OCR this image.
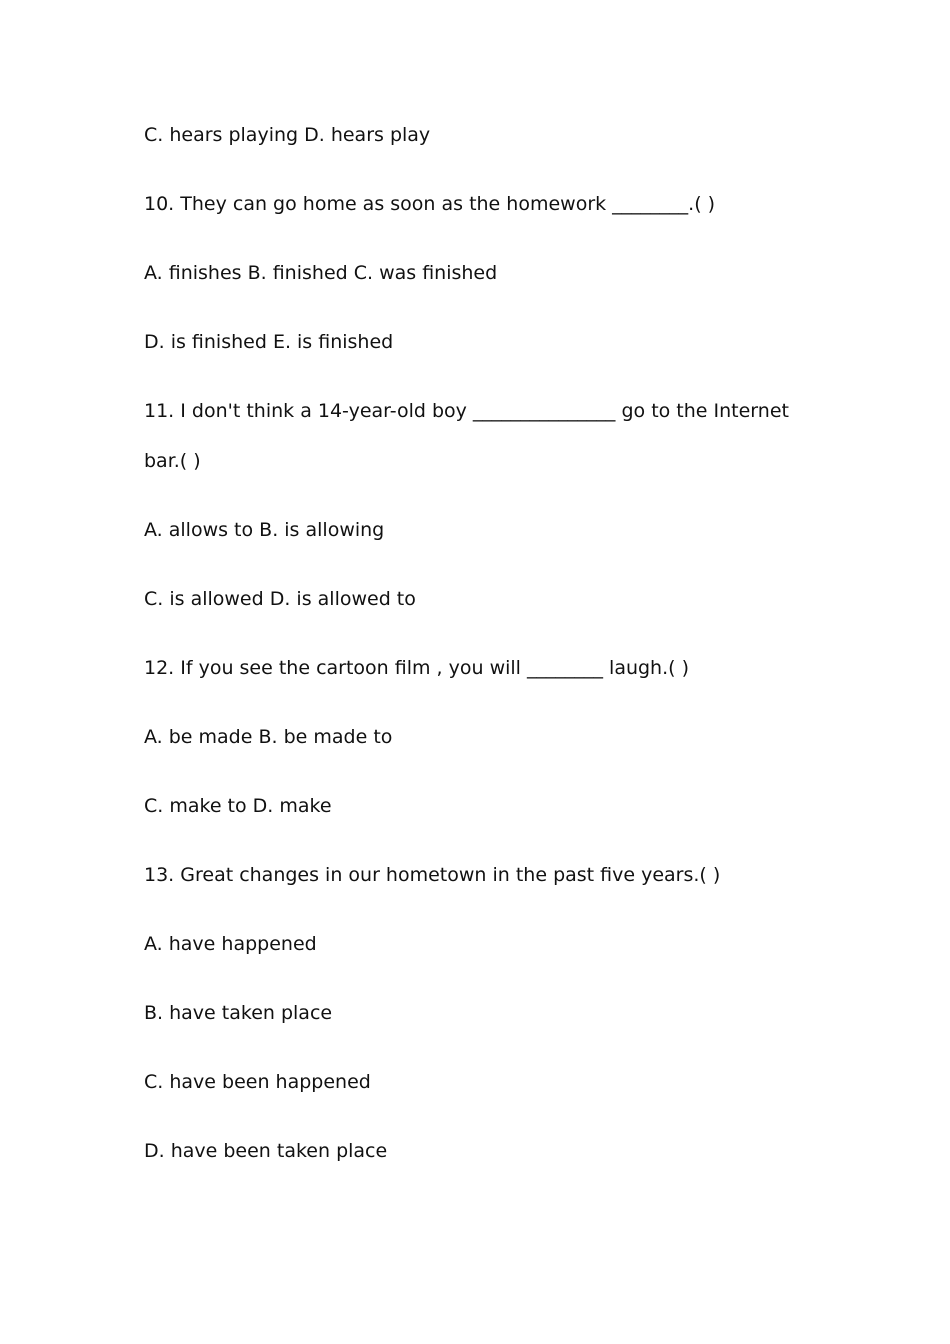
C. hears playing D. hears play
10. They can go home as soon as the homework ________.( )
A. finishes B. finished C. was finished
D. is finished E. is finished
11. I don't think a 14-year-old boy _______________ go to the Internet
bar.( )
A. allows to B. is allowing
C. is allowed D. is allowed to
12. If you see the cartoon film , you will ________ laugh.( )
A. be made B. be made to
C. make to D. make
13. Great changes in our hometown in the past five years.( )
A. have happened
B. have taken place
C. have been happened
D. have been taken place
